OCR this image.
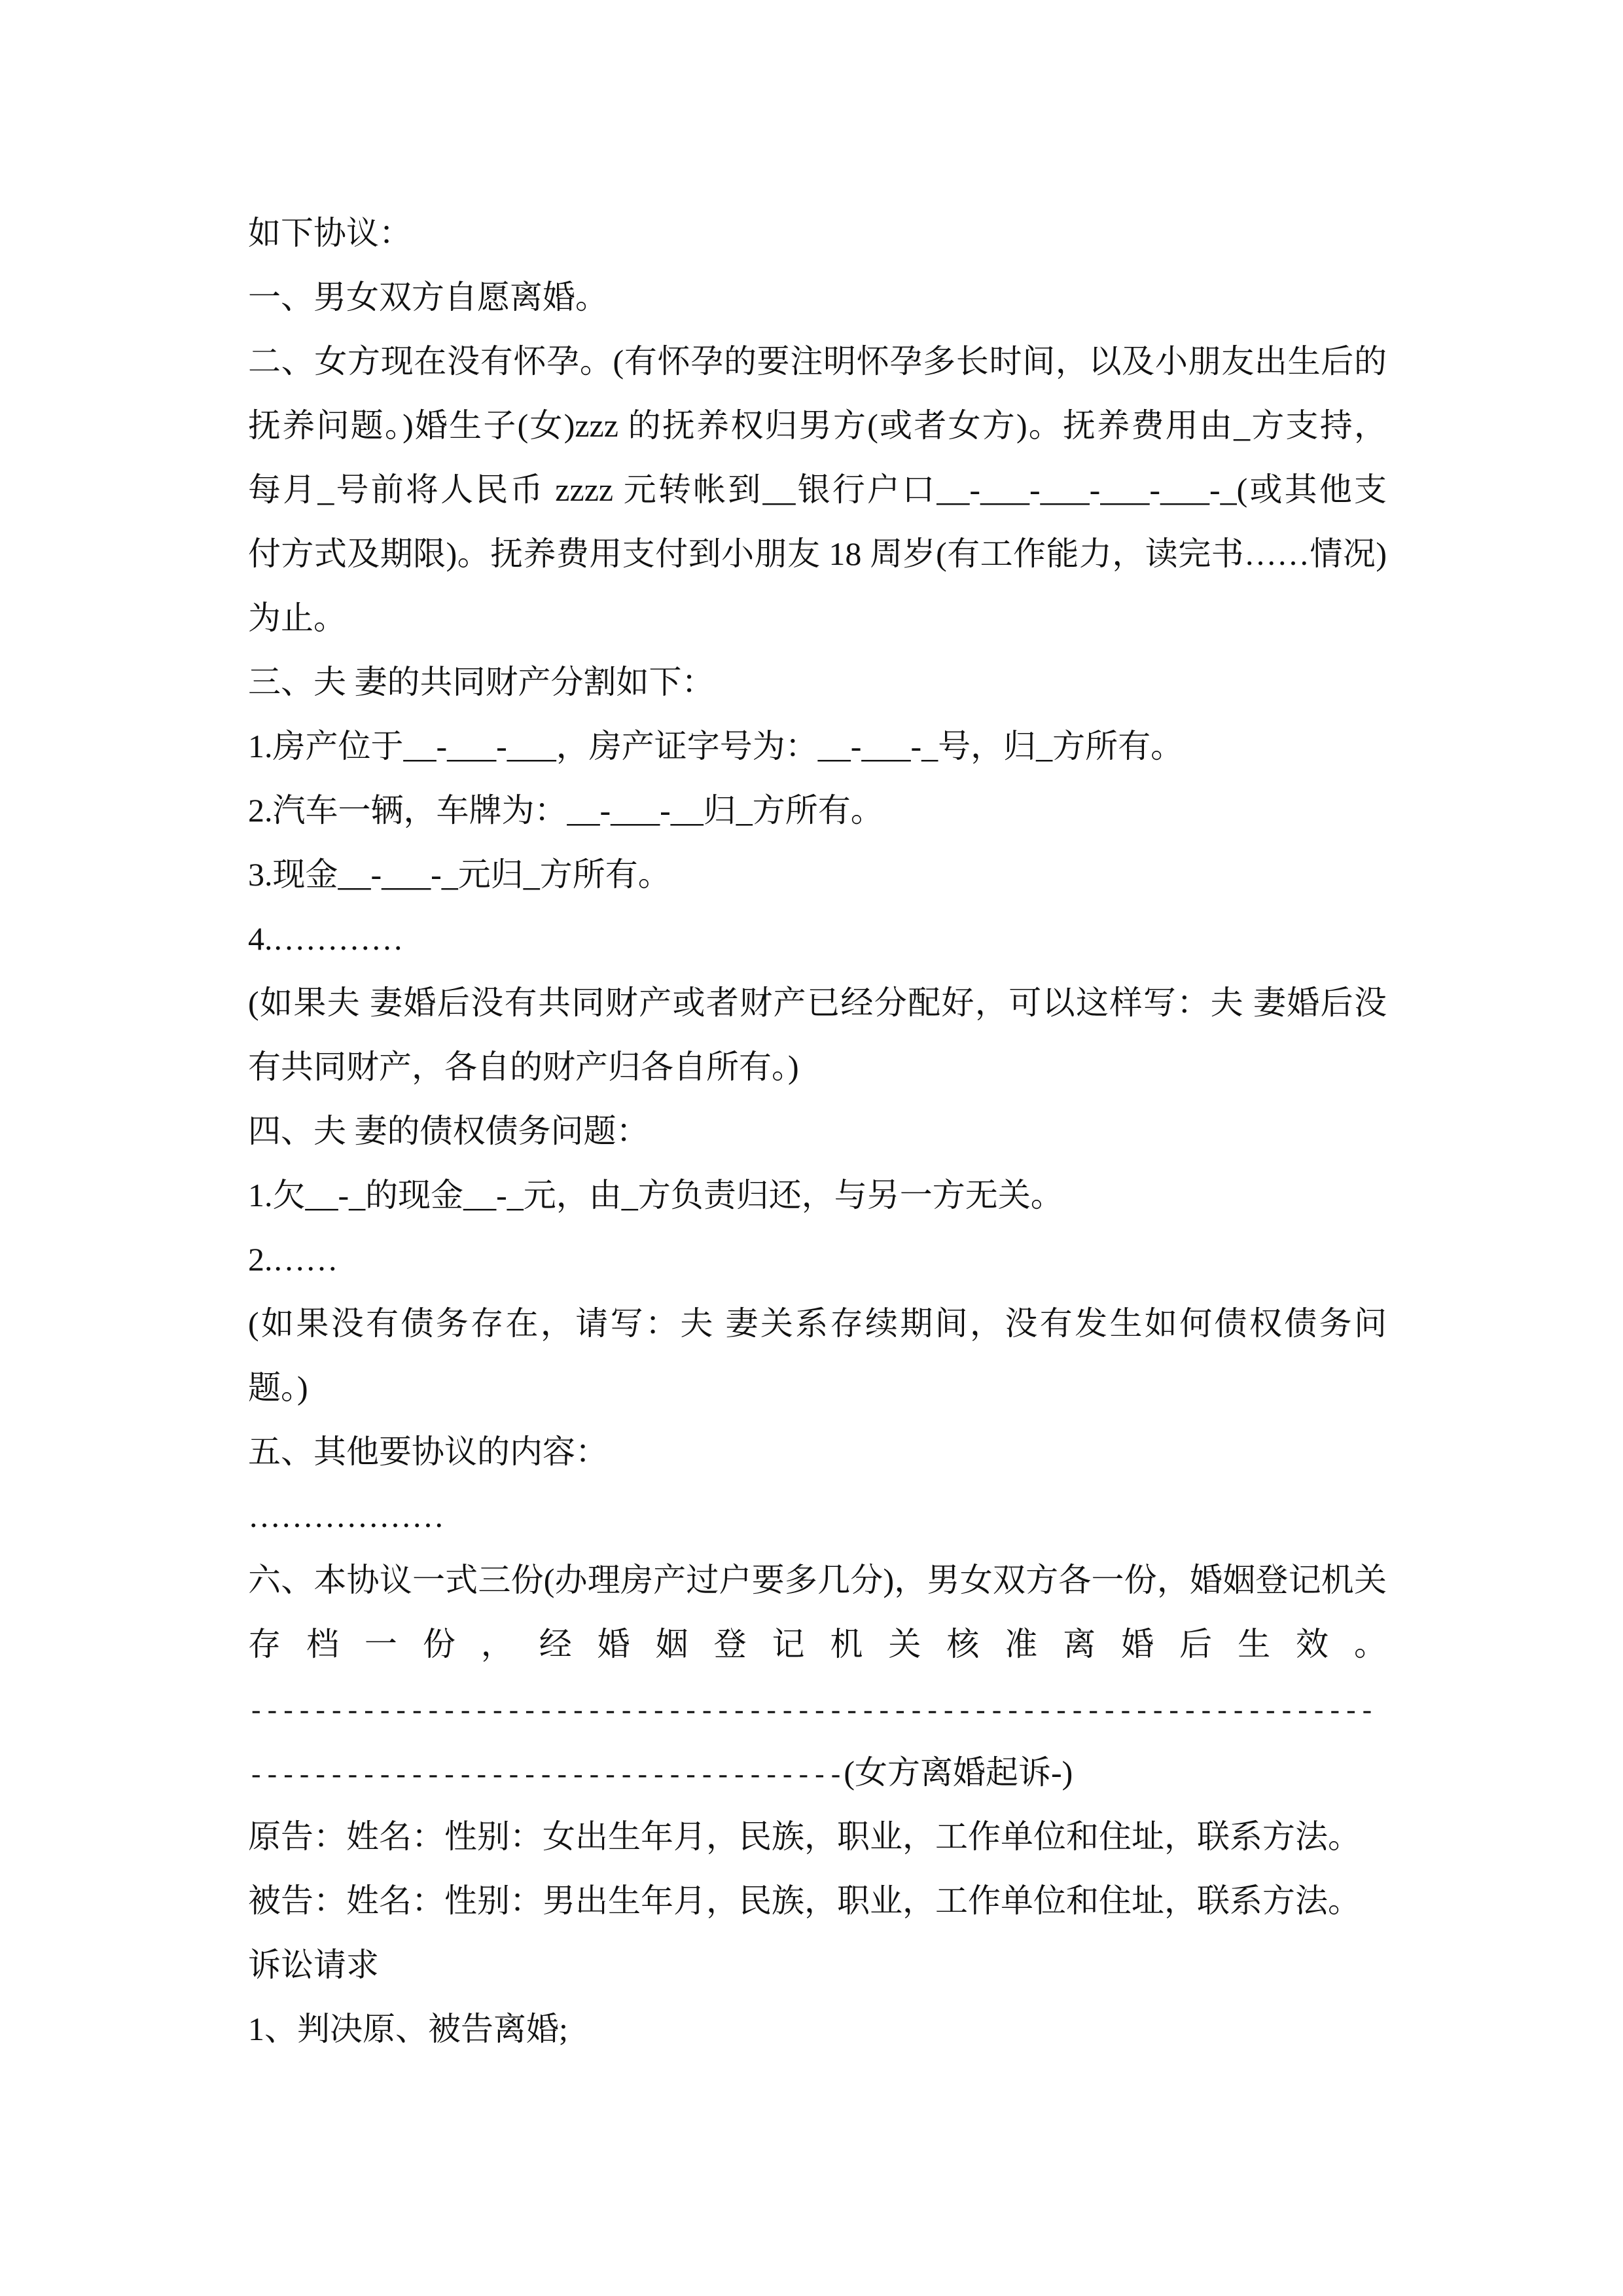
如下协议：
一、男女双方自愿离婚。
二、女方现在没有怀孕。(有怀孕的要注明怀孕多长时间，以及小朋友出生后的
抚养问题。)婚生子(女)zzz 的抚养权归男方(或者女方)。抚养费用由_方支持，
每月_号前将人民币 zzzz 元转帐到__银行户口__-___-___-___-___-_(或其他支
付方式及期限)。抚养费用支付到小朋友 18 周岁(有工作能力，读完书……情况)
为止。
三、夫 妻的共同财产分割如下：
1.房产位于__-___-___，房产证字号为：__-___-_号，归_方所有。
2.汽车一辆，车牌为：__-___-__归_方所有。
3.现金__-___-_元归_方所有。
4.…………
(如果夫 妻婚后没有共同财产或者财产已经分配好，可以这样写：夫 妻婚后没
有共同财产，各自的财产归各自所有。)
四、夫 妻的债权债务问题：
1.欠__-_的现金__-_元，由_方负责归还，与另一方无关。
2.……
(如果没有债务存在，请写：夫 妻关系存续期间，没有发生如何债权债务问
题。)
五、其他要协议的内容：
………………
六、本协议一式三份(办理房产过户要多几分)，男女双方各一份，婚姻登记机关
存 档 一 份 ， 经 婚 姻 登 记 机 关 核 准 离 婚 后 生 效 。
----------------------------------------------------------------------
-------------------------------------(女方离婚起诉-)
原告：姓名：性别：女出生年月，民族，职业，工作单位和住址，联系方法。
被告：姓名：性别：男出生年月，民族，职业，工作单位和住址，联系方法。
诉讼请求
1、判决原、被告离婚;
